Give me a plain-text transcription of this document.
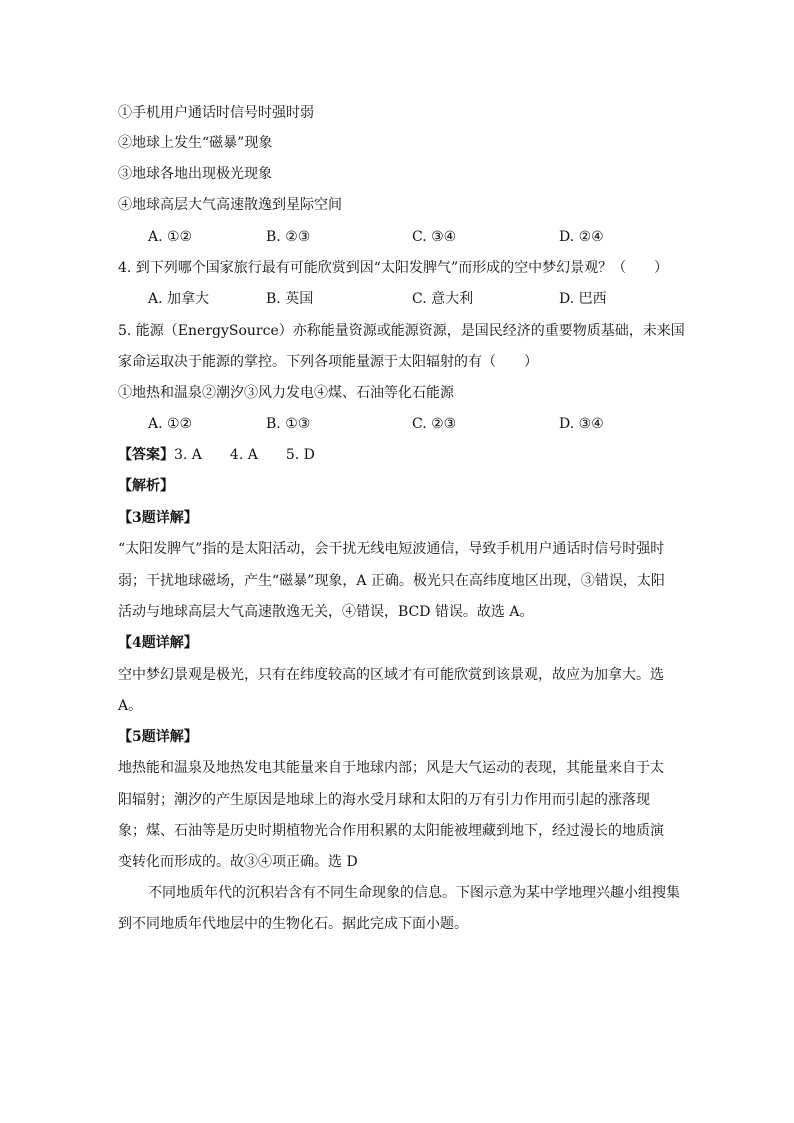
①手机用户通话时信号时强时弱
②地球上发生“磁暴”现象
③地球各地出现极光现象
④地球高层大气高速散逸到星际空间
A. ①②	B. ②③	C. ③④	D. ②④
4. 到下列哪个国家旅行最有可能欣赏到因“太阳发脾气”而形成的空中梦幻景观？（　　）
A. 加拿大	B. 英国	C. 意大利	D. 巴西
5. 能源（EnergySource）亦称能量资源或能源资源，是国民经济的重要物质基础，未来国
家命运取决于能源的掌控。下列各项能量源于太阳辐射的有（　　）
①地热和温泉②潮汐③风力发电④煤、石油等化石能源
A. ①②	B. ①③	C. ②③	D. ③④
【答案】3. A　　4. A　　5. D
【解析】
【3题详解】
“太阳发脾气”指的是太阳活动，会干扰无线电短波通信，导致手机用户通话时信号时强时
弱；干扰地球磁场，产生“磁暴”现象，A 正确。极光只在高纬度地区出现，③错误，太阳
活动与地球高层大气高速散逸无关，④错误，BCD 错误。故选 A。
【4题详解】
空中梦幻景观是极光，只有在纬度较高的区域才有可能欣赏到该景观，故应为加拿大。选
A。
【5题详解】
地热能和温泉及地热发电其能量来自于地球内部；风是大气运动的表现，其能量来自于太
阳辐射；潮汐的产生原因是地球上的海水受月球和太阳的万有引力作用而引起的涨落现
象；煤、石油等是历史时期植物光合作用积累的太阳能被埋藏到地下，经过漫长的地质演
变转化而形成的。故③④项正确。选 D
不同地质年代的沉积岩含有不同生命现象的信息。下图示意为某中学地理兴趣小组搜集
到不同地质年代地层中的生物化石。据此完成下面小题。
